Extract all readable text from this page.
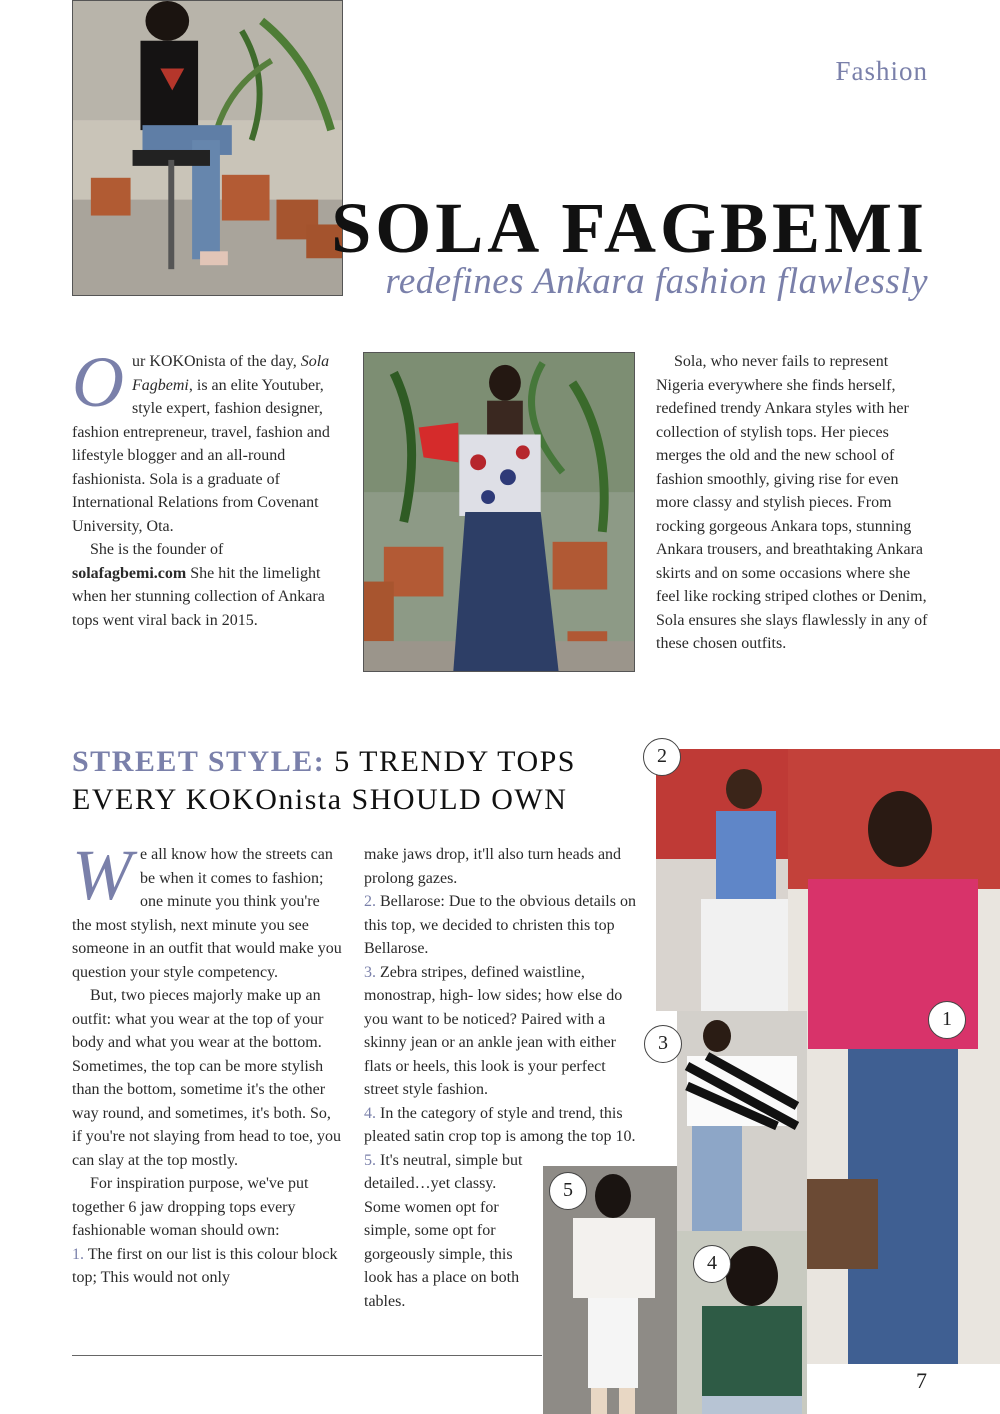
Fashion
SOLA FAGBEMI
redefines Ankara fashion flawlessly

Our KOKOnista of the day, Sola Fagbemi, is an elite Youtuber, style expert, fashion designer, fashion entrepreneur, travel, fashion and lifestyle blogger and an all-round fashionista. Sola is a graduate of International Relations from Covenant University, Ota.

She is the founder of solafagbemi.com She hit the limelight when her stunning collection of Ankara tops went viral back in 2015.

Sola, who never fails to represent Nigeria everywhere she finds herself, redefined trendy Ankara styles with her collection of stylish tops. Her pieces merges the old and the new school of fashion smoothly, giving rise for even more classy and stylish pieces. From rocking gorgeous Ankara tops, stunning Ankara trousers, and breathtaking Ankara skirts and on some occasions where she feel like rocking striped clothes or Denim, Sola ensures she slays flawlessly in any of these chosen outfits.

STREET STYLE: 5 TRENDY TOPS
EVERY KOKOnista SHOULD OWN

We all know how the streets can be when it comes to fashion; one minute you think you're the most stylish, next minute you see someone in an outfit that would make you question your style competency.

But, two pieces majorly make up an outfit: what you wear at the top of your body and what you wear at the bottom. Sometimes, the top can be more stylish than the bottom, sometime it's the other way round, and sometimes, it's both. So, if you're not slaying from head to toe, you can slay at the top mostly.

For inspiration purpose, we've put together 6 jaw dropping tops every fashionable woman should own:

1. The first on our list is this colour block top; This would not only

make jaws drop, it'll also turn heads and prolong gazes.

2. Bellarose: Due to the obvious details on this top, we decided to christen this top Bellarose.

3. Zebra stripes, defined waistline, monostrap, high- low sides; how else do you want to be noticed? Paired with a skinny jean or an ankle jean with either flats or heels, this look is your perfect street style fashion.

4. In the category of style and trend, this pleated satin crop top is among the top 10.

5. It's neutral, simple but detailed…yet classy. Some women opt for simple, some opt for gorgeously simple, this look has a place on both tables.

2
1
3
4
5
7
